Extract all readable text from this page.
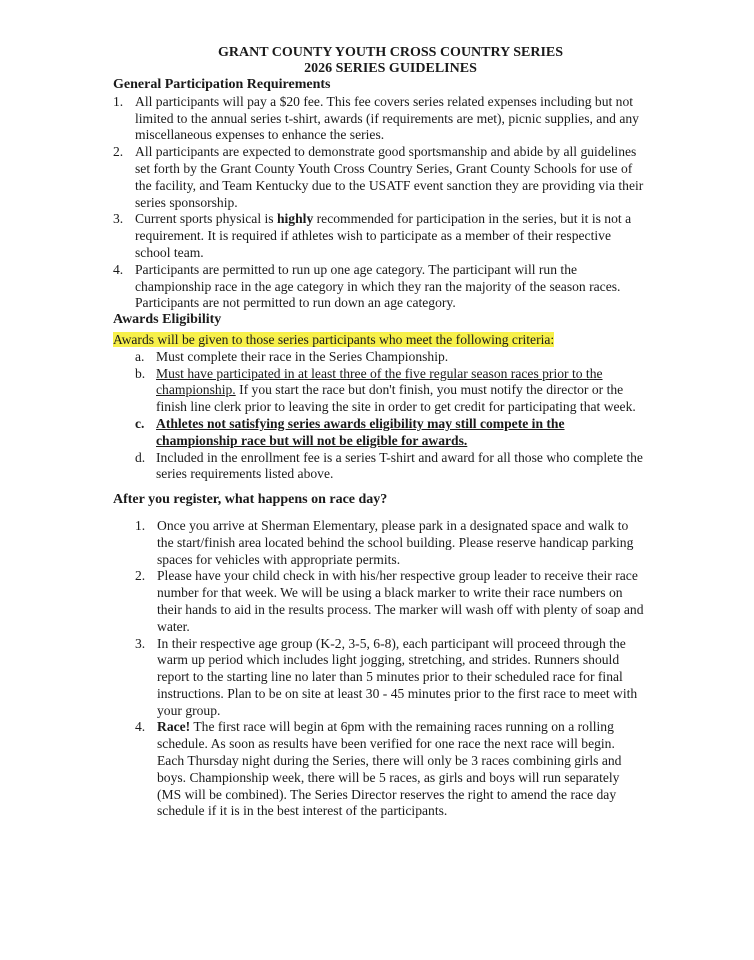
GRANT COUNTY YOUTH CROSS COUNTRY SERIES
2026 SERIES GUIDELINES
General Participation Requirements
1. All participants will pay a $20 fee. This fee covers series related expenses including but not limited to the annual series t-shirt, awards (if requirements are met), picnic supplies, and any miscellaneous expenses to enhance the series.
2. All participants are expected to demonstrate good sportsmanship and abide by all guidelines set forth by the Grant County Youth Cross Country Series, Grant County Schools for use of the facility, and Team Kentucky due to the USATF event sanction they are providing via their series sponsorship.
3. Current sports physical is highly recommended for participation in the series, but it is not a requirement. It is required if athletes wish to participate as a member of their respective school team.
4. Participants are permitted to run up one age category. The participant will run the championship race in the age category in which they ran the majority of the season races. Participants are not permitted to run down an age category.
Awards Eligibility
Awards will be given to those series participants who meet the following criteria:
a. Must complete their race in the Series Championship.
b. Must have participated in at least three of the five regular season races prior to the championship. If you start the race but don't finish, you must notify the director or the finish line clerk prior to leaving the site in order to get credit for participating that week.
c. Athletes not satisfying series awards eligibility may still compete in the championship race but will not be eligible for awards.
d. Included in the enrollment fee is a series T-shirt and award for all those who complete the series requirements listed above.
After you register, what happens on race day?
1. Once you arrive at Sherman Elementary, please park in a designated space and walk to the start/finish area located behind the school building. Please reserve handicap parking spaces for vehicles with appropriate permits.
2. Please have your child check in with his/her respective group leader to receive their race number for that week. We will be using a black marker to write their race numbers on their hands to aid in the results process. The marker will wash off with plenty of soap and water.
3. In their respective age group (K-2, 3-5, 6-8), each participant will proceed through the warm up period which includes light jogging, stretching, and strides. Runners should report to the starting line no later than 5 minutes prior to their scheduled race for final instructions. Plan to be on site at least 30 - 45 minutes prior to the first race to meet with your group.
4. Race! The first race will begin at 6pm with the remaining races running on a rolling schedule. As soon as results have been verified for one race the next race will begin. Each Thursday night during the Series, there will only be 3 races combining girls and boys. Championship week, there will be 5 races, as girls and boys will run separately (MS will be combined). The Series Director reserves the right to amend the race day schedule if it is in the best interest of the participants.
